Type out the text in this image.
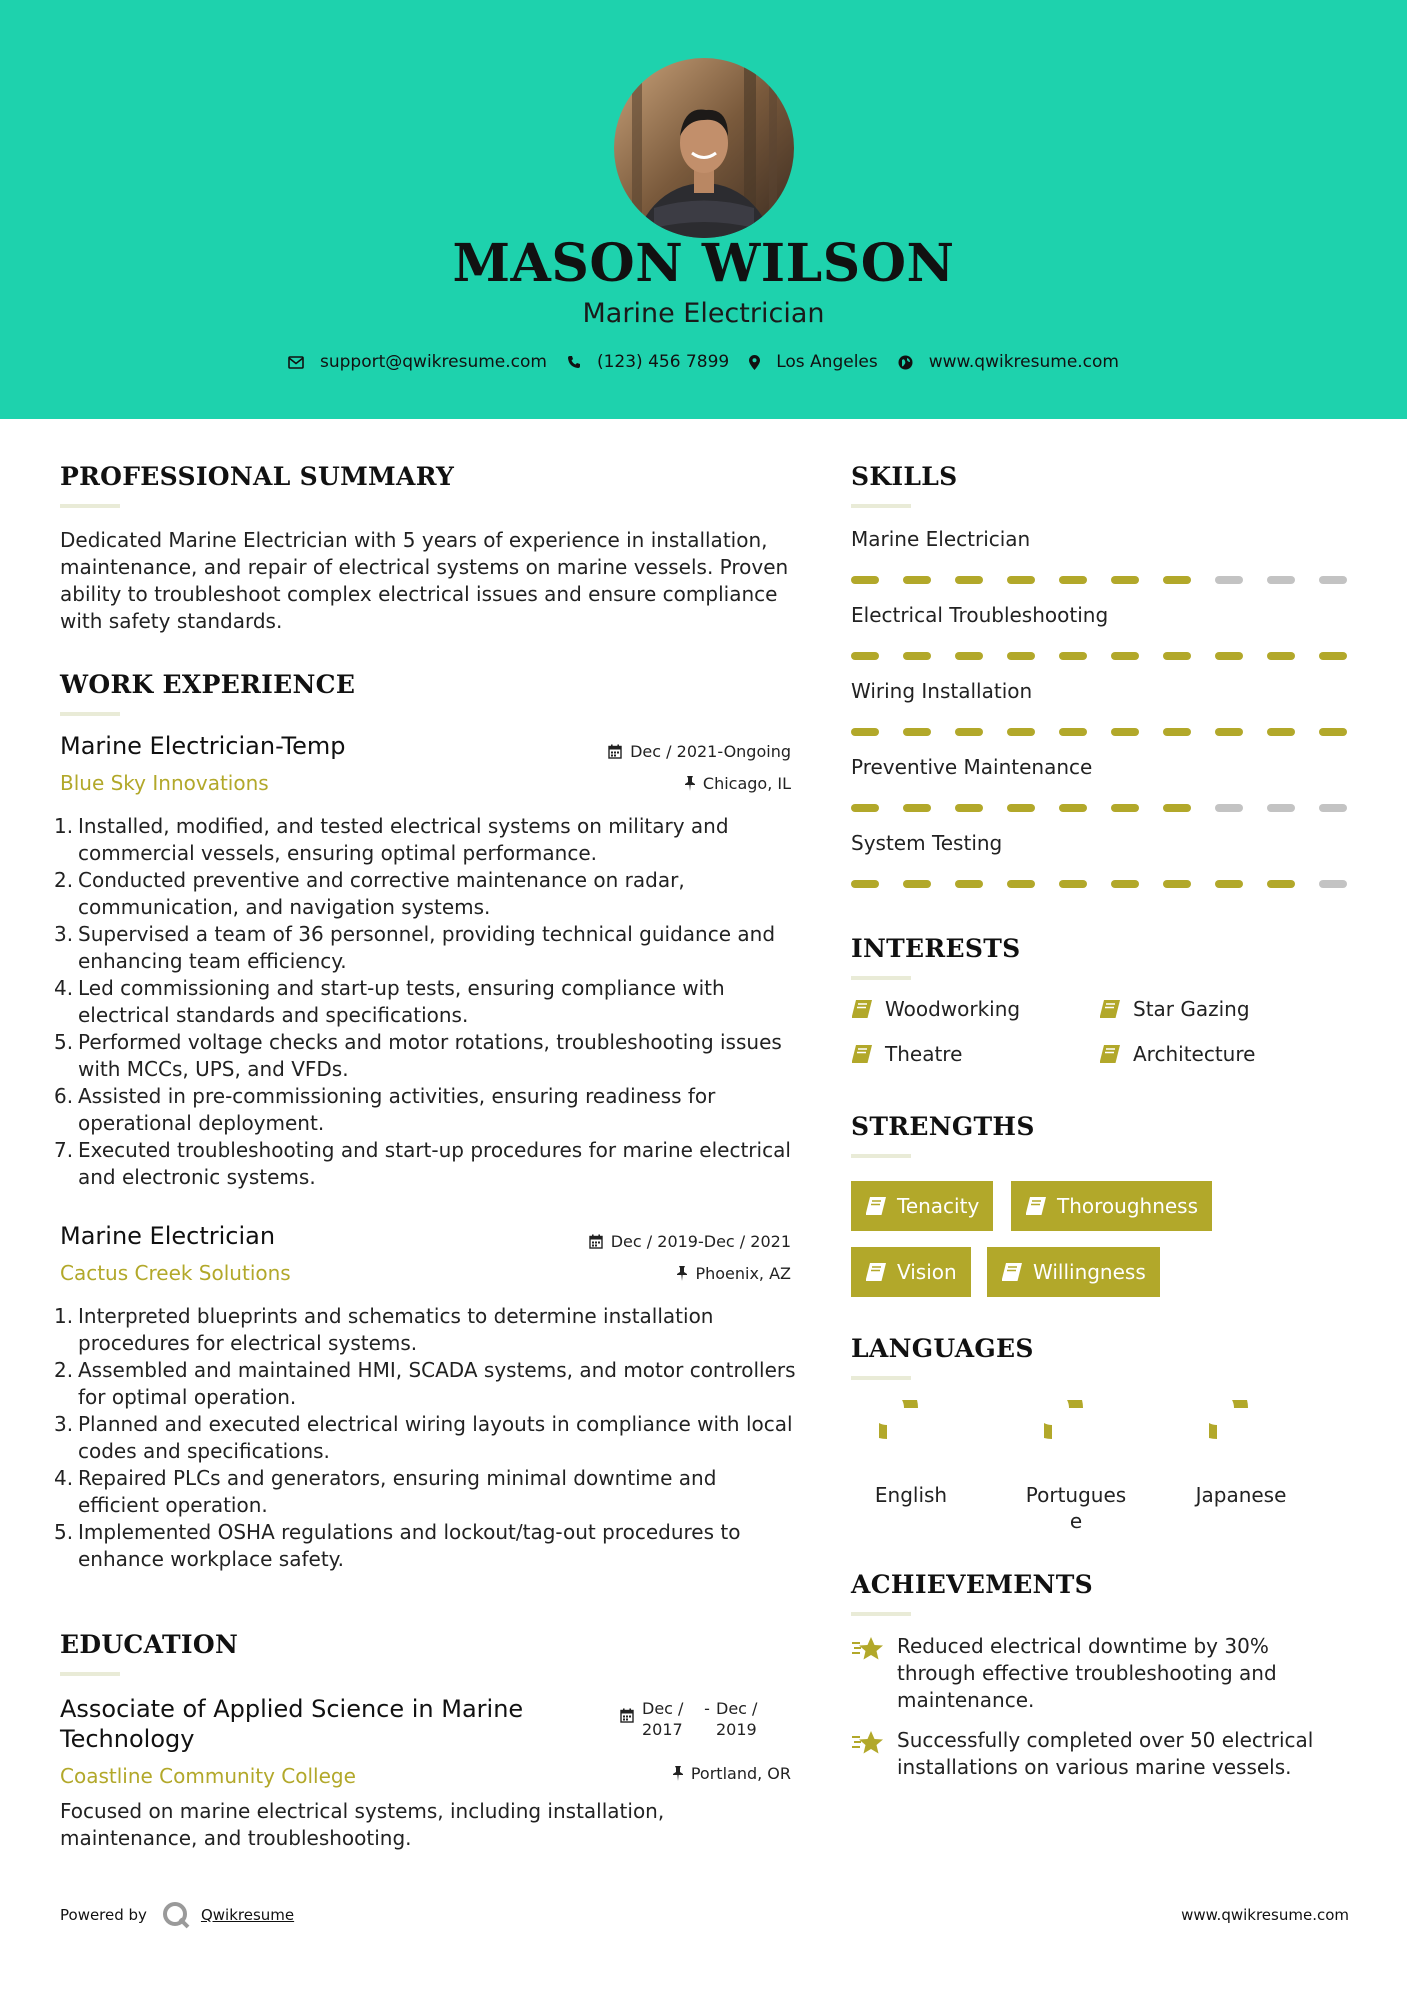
MASON WILSON
Marine Electrician
support@qwikresume.com	(123) 456 7899	Los Angeles	www.qwikresume.com
PROFESSIONAL SUMMARY
Dedicated Marine Electrician with 5 years of experience in installation, maintenance, and repair of electrical systems on marine vessels. Proven ability to troubleshoot complex electrical issues and ensure compliance with safety standards.
WORK EXPERIENCE
Marine Electrician-Temp
Blue Sky Innovations
Dec / 2021-Ongoing
Chicago, IL
Installed, modified, and tested electrical systems on military and commercial vessels, ensuring optimal performance.
Conducted preventive and corrective maintenance on radar, communication, and navigation systems.
Supervised a team of 36 personnel, providing technical guidance and enhancing team efficiency.
Led commissioning and start-up tests, ensuring compliance with electrical standards and specifications.
Performed voltage checks and motor rotations, troubleshooting issues with MCCs, UPS, and VFDs.
Assisted in pre-commissioning activities, ensuring readiness for operational deployment.
Executed troubleshooting and start-up procedures for marine electrical and electronic systems.
Marine Electrician
Cactus Creek Solutions
Dec / 2019-Dec / 2021
Phoenix, AZ
Interpreted blueprints and schematics to determine installation procedures for electrical systems.
Assembled and maintained HMI, SCADA systems, and motor controllers for optimal operation.
Planned and executed electrical wiring layouts in compliance with local codes and specifications.
Repaired PLCs and generators, ensuring minimal downtime and efficient operation.
Implemented OSHA regulations and lockout/tag-out procedures to enhance workplace safety.
EDUCATION
Associate of Applied Science in Marine Technology
Coastline Community College
Dec / 2017
- Dec / 2019
Portland, OR
Focused on marine electrical systems, including installation, maintenance, and troubleshooting.
SKILLS
Marine Electrician
Electrical Troubleshooting
Wiring Installation
Preventive Maintenance
System Testing
INTERESTS
Woodworking	Star Gazing
Theatre	Architecture
STRENGTHS
Tenacity	Thoroughness
Vision	Willingness
LANGUAGES
English	Portugues
e
Japanese
ACHIEVEMENTS
Reduced electrical downtime by 30% through effective troubleshooting and maintenance.
Successfully completed over 50 electrical installations on various marine vessels.
Powered by	Qwikresume	www.qwikresume.com
